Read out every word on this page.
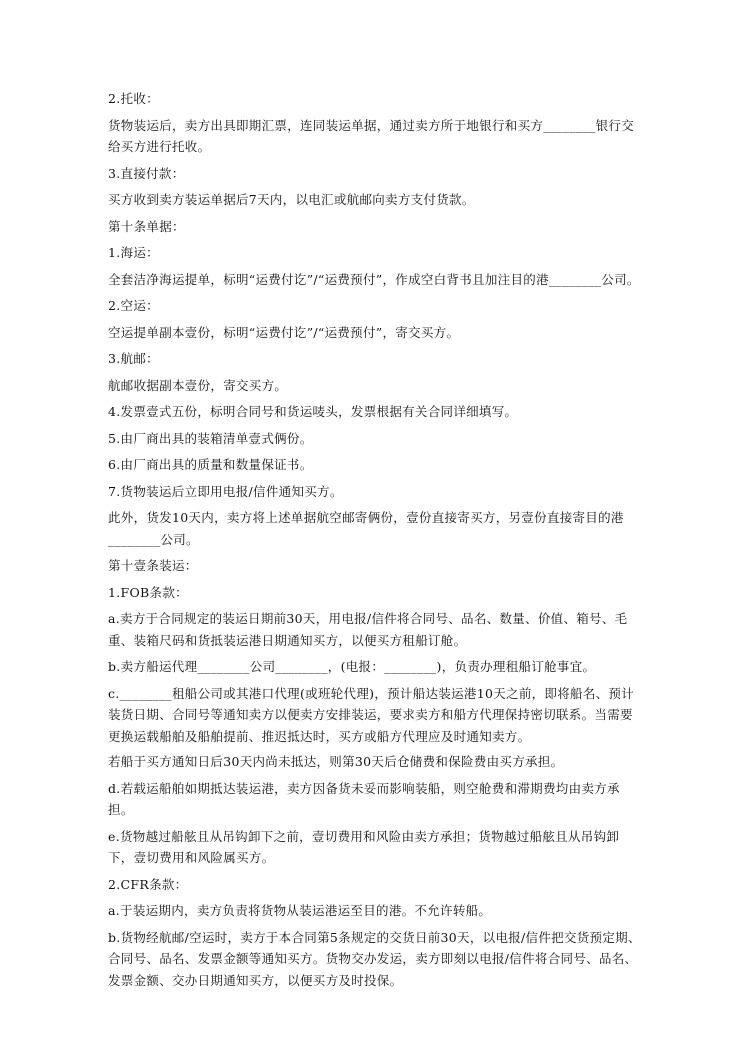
2.托收：

货物装运后，卖方出具即期汇票，连同装运单据，通过卖方所于地银行和买方________银行交给买方进行托收。

3.直接付款：

买方收到卖方装运单据后7天内，以电汇或航邮向卖方支付货款。

第十条单据：

1.海运：

全套洁净海运提单，标明“运费付讫”/“运费预付”，作成空白背书且加注目的港________公司。

2.空运：

空运提单副本壹份，标明“运费付讫”/“运费预付”，寄交买方。

3.航邮：

航邮收据副本壹份，寄交买方。

4.发票壹式五份，标明合同号和货运唛头，发票根据有关合同详细填写。

5.由厂商出具的装箱清单壹式俩份。

6.由厂商出具的质量和数量保证书。

7.货物装运后立即用电报/信件通知买方。

此外，货发10天内，卖方将上述单据航空邮寄俩份，壹份直接寄买方，另壹份直接寄目的港________公司。

第十壹条装运：

1.FOB条款：

a.卖方于合同规定的装运日期前30天，用电报/信件将合同号、品名、数量、价值、箱号、毛重、装箱尺码和货抵装运港日期通知买方，以便买方租船订舱。

b.卖方船运代理________公司________，(电报：________)，负责办理租船订舱事宜。

c.________租船公司或其港口代理(或班轮代理)，预计船达装运港10天之前，即将船名、预计装货日期、合同号等通知卖方以便卖方安排装运，要求卖方和船方代理保持密切联系。当需要更换运载船舶及船舶提前、推迟抵达时，买方或船方代理应及时通知卖方。

若船于买方通知日后30天内尚未抵达，则第30天后仓储费和保险费由买方承担。

d.若载运船舶如期抵达装运港，卖方因备货未妥而影响装船，则空舱费和滞期费均由卖方承担。

e.货物越过船舷且从吊钩卸下之前，壹切费用和风险由卖方承担；货物越过船舷且从吊钩卸下，壹切费用和风险属买方。

2.CFR条款：

a.于装运期内，卖方负责将货物从装运港运至目的港。不允许转船。

b.货物经航邮/空运时，卖方于本合同第5条规定的交货日前30天，以电报/信件把交货预定期、合同号、品名、发票金额等通知买方。货物交办发运，卖方即刻以电报/信件将合同号、品名、发票金额、交办日期通知买方，以便买方及时投保。
